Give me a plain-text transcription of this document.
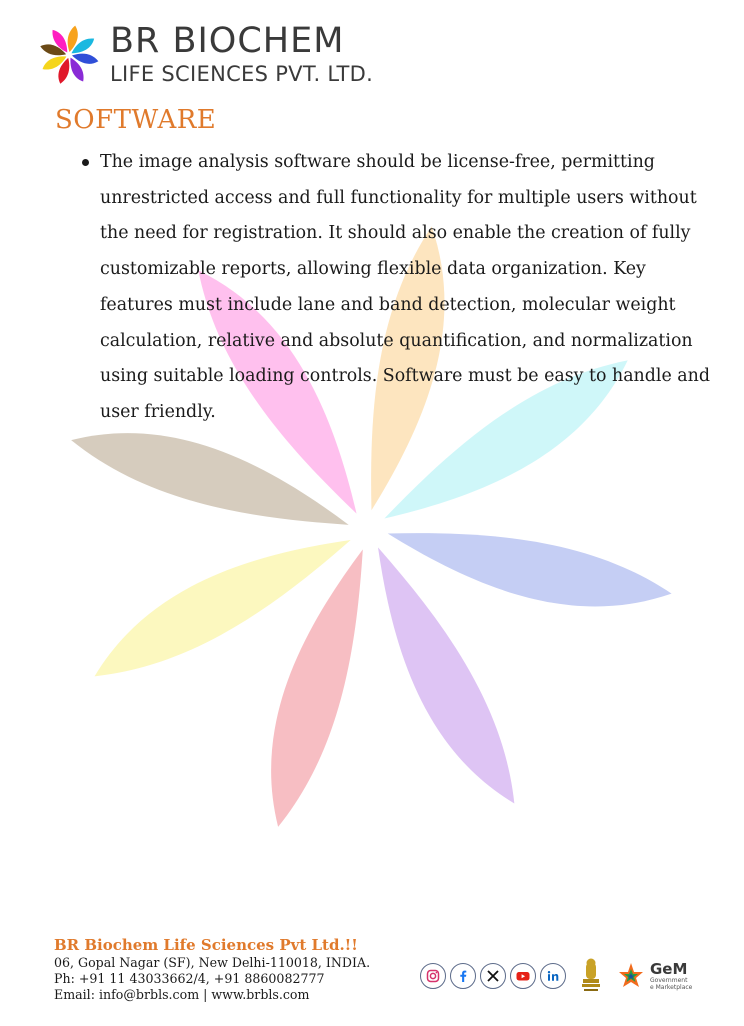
BR BIOCHEM
LIFE SCIENCES PVT. LTD.
SOFTWARE
The image analysis software should be license-free, permitting unrestricted access and full functionality for multiple users without the need for registration. It should also enable the creation of fully customizable reports, allowing flexible data organization. Key features must include lane and band detection, molecular weight calculation, relative and absolute quantification, and normalization using suitable loading controls. Software must be easy to handle and user friendly.
BR Biochem Life Sciences Pvt Ltd.!!
06, Gopal Nagar (SF), New Delhi-110018, INDIA.
Ph: +91 11 43033662/4, +91 8860082777
Email: info@brbls.com | www.brbls.com
GeM
Government
e Marketplace
